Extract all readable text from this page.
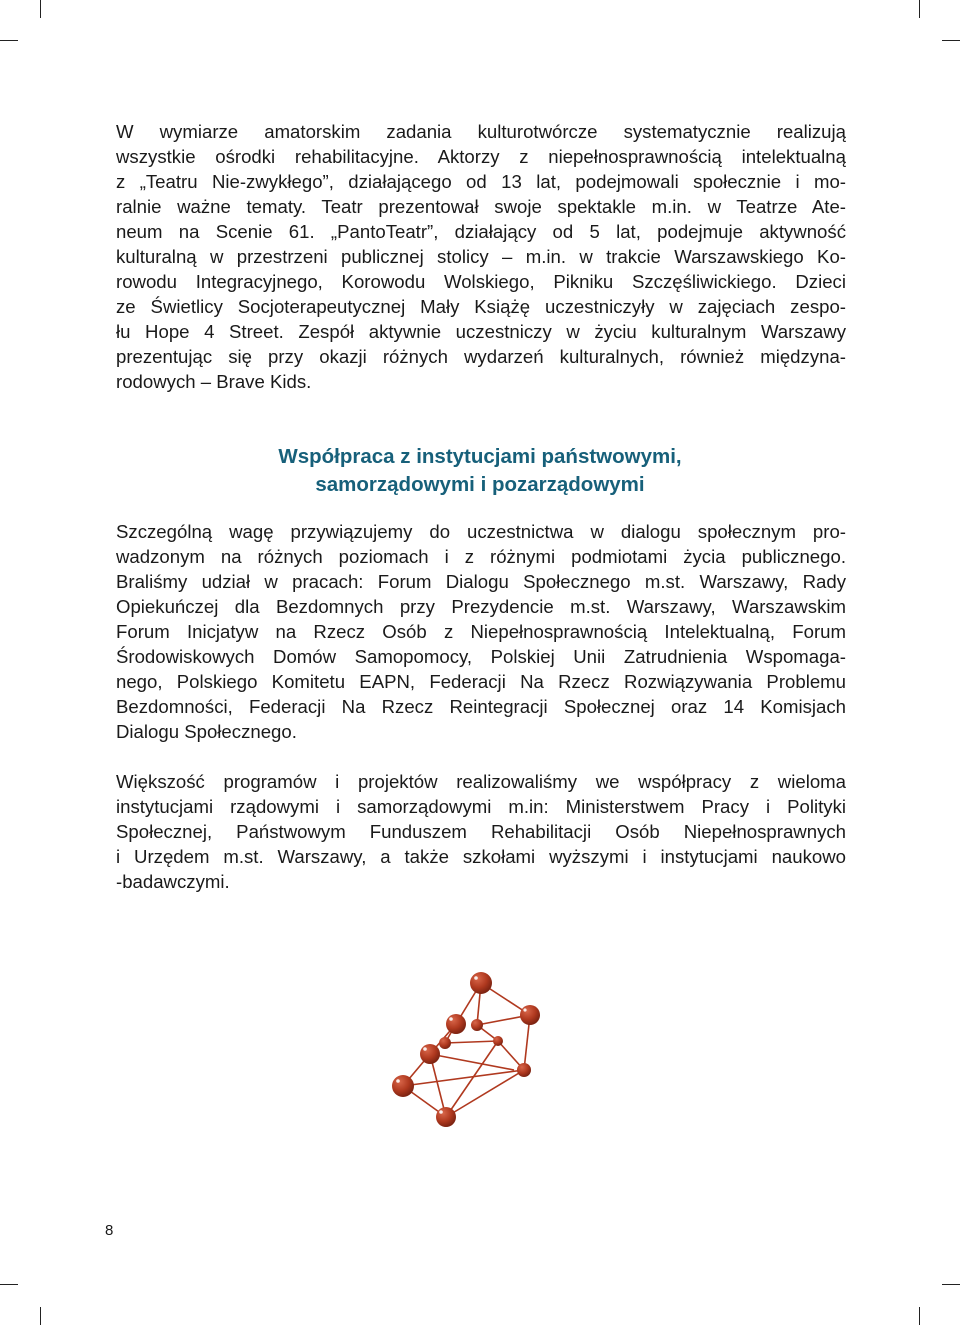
W wymiarze amatorskim zadania kulturotwórcze systematycznie realizują
wszystkie ośrodki rehabilitacyjne. Aktorzy z niepełnosprawnością intelektualną
z „Teatru Nie-zwykłego”, działającego od 13 lat, podejmowali społecznie i mo-
ralnie ważne tematy. Teatr prezentował swoje spektakle m.in. w Teatrze Ate-
neum na Scenie 61. „PantoTeatr”, działający od 5 lat, podejmuje aktywność
kulturalną w przestrzeni publicznej stolicy – m.in. w trakcie Warszawskiego Ko-
rowodu Integracyjnego, Korowodu Wolskiego, Pikniku Szczęśliwickiego. Dzieci
ze Świetlicy Socjoterapeutycznej Mały Książę uczestniczyły w zajęciach zespo-
łu Hope 4 Street. Zespół aktywnie uczestniczy w życiu kulturalnym Warszawy
prezentując się przy okazji różnych wydarzeń kulturalnych, również międzyna-
rodowych – Brave Kids.
Współpraca z instytucjami państwowymi,
samorządowymi i pozarządowymi
Szczególną wagę przywiązujemy do uczestnictwa w dialogu społecznym pro-
wadzonym na różnych poziomach i z różnymi podmiotami życia publicznego.
Braliśmy udział w pracach: Forum Dialogu Społecznego m.st. Warszawy, Rady
Opiekuńczej dla Bezdomnych przy Prezydencie m.st. Warszawy, Warszawskim
Forum Inicjatyw na Rzecz Osób z Niepełnosprawnością Intelektualną, Forum
Środowiskowych Domów Samopomocy, Polskiej Unii Zatrudnienia Wspomaga-
nego, Polskiego Komitetu EAPN, Federacji Na Rzecz Rozwiązywania Problemu
Bezdomności, Federacji Na Rzecz Reintegracji Społecznej oraz 14 Komisjach
Dialogu Społecznego.
Większość programów i projektów realizowaliśmy we współpracy z wieloma
instytucjami rządowymi i samorządowymi m.in: Ministerstwem Pracy i Polityki
Społecznej, Państwowym Funduszem Rehabilitacji Osób Niepełnosprawnych
i Urzędem m.st. Warszawy, a także szkołami wyższymi i instytucjami naukowo
-badawczymi.
8
